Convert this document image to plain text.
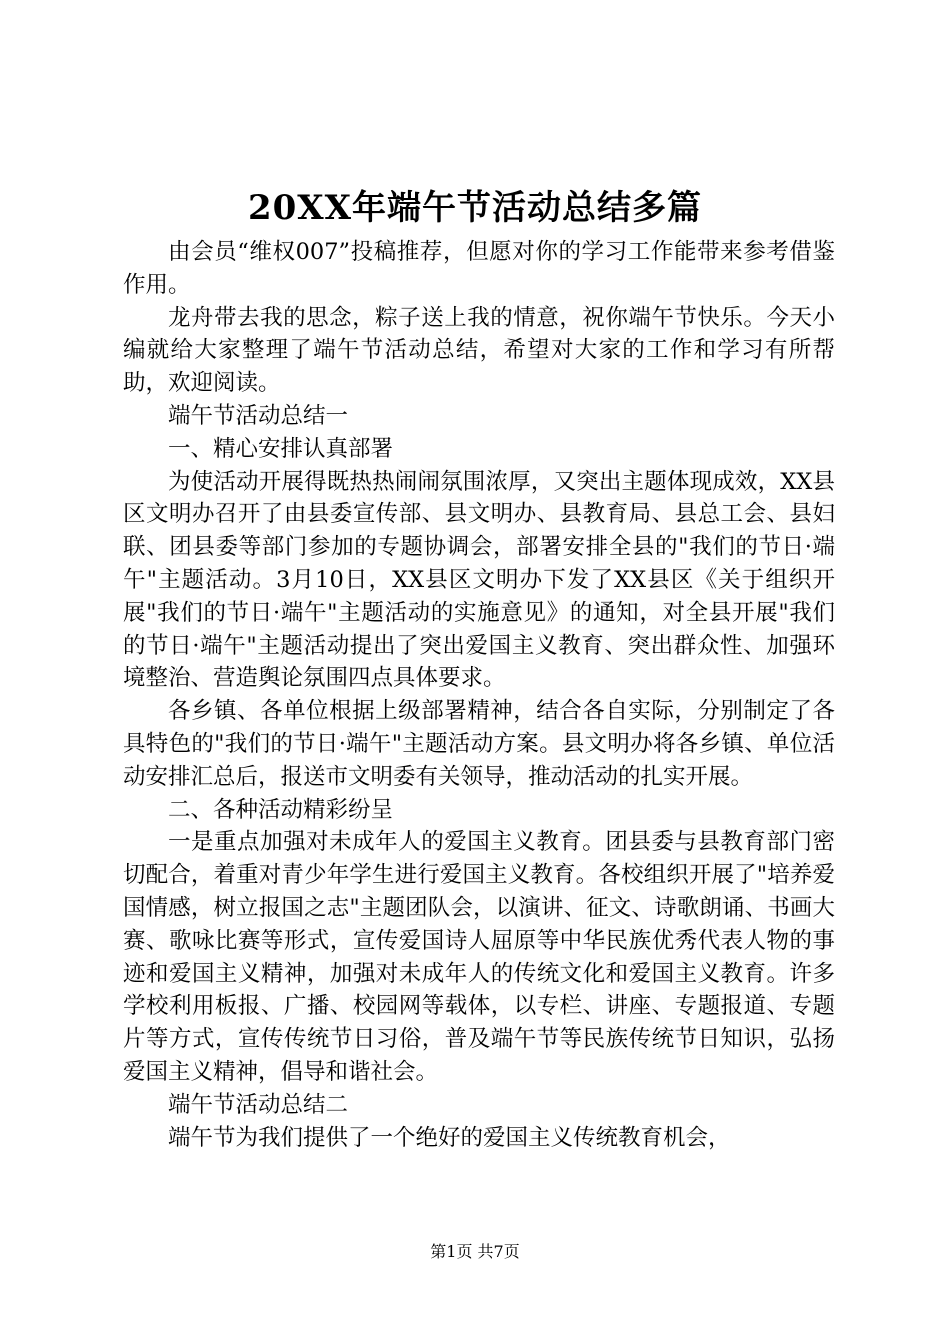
20XX年端午节活动总结多篇

由会员“维权007”投稿推荐，但愿对你的学习工作能带来参考借鉴作用。

龙舟带去我的思念，粽子送上我的情意，祝你端午节快乐。今天小编就给大家整理了端午节活动总结，希望对大家的工作和学习有所帮助，欢迎阅读。

端午节活动总结一

一、精心安排认真部署

为使活动开展得既热热闹闹氛围浓厚，又突出主题体现成效，XX县区文明办召开了由县委宣传部、县文明办、县教育局、县总工会、县妇联、团县委等部门参加的专题协调会，部署安排全县的"我们的节日·端午"主题活动。3月10日，XX县区文明办下发了XX县区《关于组织开展"我们的节日·端午"主题活动的实施意见》的通知，对全县开展"我们的节日·端午"主题活动提出了突出爱国主义教育、突出群众性、加强环境整治、营造舆论氛围四点具体要求。

各乡镇、各单位根据上级部署精神，结合各自实际，分别制定了各具特色的"我们的节日·端午"主题活动方案。县文明办将各乡镇、单位活动安排汇总后，报送市文明委有关领导，推动活动的扎实开展。

二、各种活动精彩纷呈

一是重点加强对未成年人的爱国主义教育。团县委与县教育部门密切配合，着重对青少年学生进行爱国主义教育。各校组织开展了"培养爱国情感，树立报国之志"主题团队会，以演讲、征文、诗歌朗诵、书画大赛、歌咏比赛等形式，宣传爱国诗人屈原等中华民族优秀代表人物的事迹和爱国主义精神，加强对未成年人的传统文化和爱国主义教育。许多学校利用板报、广播、校园网等载体，以专栏、讲座、专题报道、专题片等方式，宣传传统节日习俗，普及端午节等民族传统节日知识，弘扬爱国主义精神，倡导和谐社会。

端午节活动总结二

端午节为我们提供了一个绝好的爱国主义传统教育机会，

第1页 共7页
